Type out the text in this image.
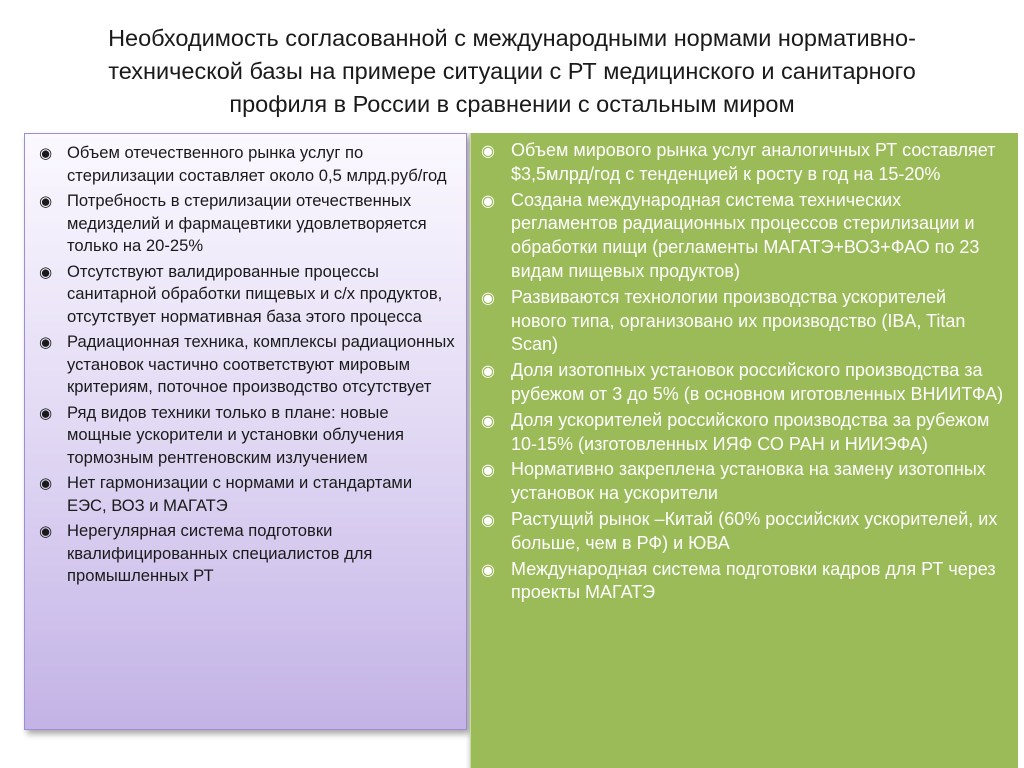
Необходимость согласованной с международными нормами нормативно-
технической базы на примере ситуации с РТ медицинского и санитарного
профиля в России в сравнении с остальным миром
◉ Объем отечественного рынка услуг по стерилизации составляет около 0,5 млрд.руб/год
◉ Потребность в стерилизации отечественных медизделий и фармацевтики удовлетворяется только на 20-25%
◉ Отсутствуют валидированные процессы санитарной обработки пищевых и с/х продуктов, отсутствует нормативная база этого процесса
◉ Радиационная техника, комплексы радиационных установок частично соответствуют мировым критериям, поточное производство отсутствует
◉ Ряд видов техники только в плане: новые мощные ускорители и установки облучения тормозным рентгеновским излучением
◉ Нет гармонизации с нормами и стандартами ЕЭС, ВОЗ и МАГАТЭ
◉ Нерегулярная система подготовки квалифицированных специалистов для промышленных РТ
◉ Объем мирового рынка услуг аналогичных РТ составляет $3,5млрд/год с тенденцией к росту в год на 15-20%
◉ Создана международная система технических регламентов радиационных процессов стерилизации и обработки пищи (регламенты МАГАТЭ+ВОЗ+ФАО по 23 видам пищевых продуктов)
◉ Развиваются технологии производства ускорителей нового типа, организовано их производство (IBA, Titan Scan)
◉ Доля изотопных установок российского производства за рубежом от 3 до 5% (в основном иготовленных ВНИИТФА)
◉ Доля ускорителей российского производства за рубежом 10-15% (изготовленных ИЯФ СО РАН и НИИЭФА)
◉ Нормативно закреплена установка на замену изотопных установок на ускорители
◉ Растущий рынок –Китай (60% российских ускорителей, их больше, чем в РФ) и ЮВА
◉ Международная система подготовки кадров для РТ через проекты МАГАТЭ
